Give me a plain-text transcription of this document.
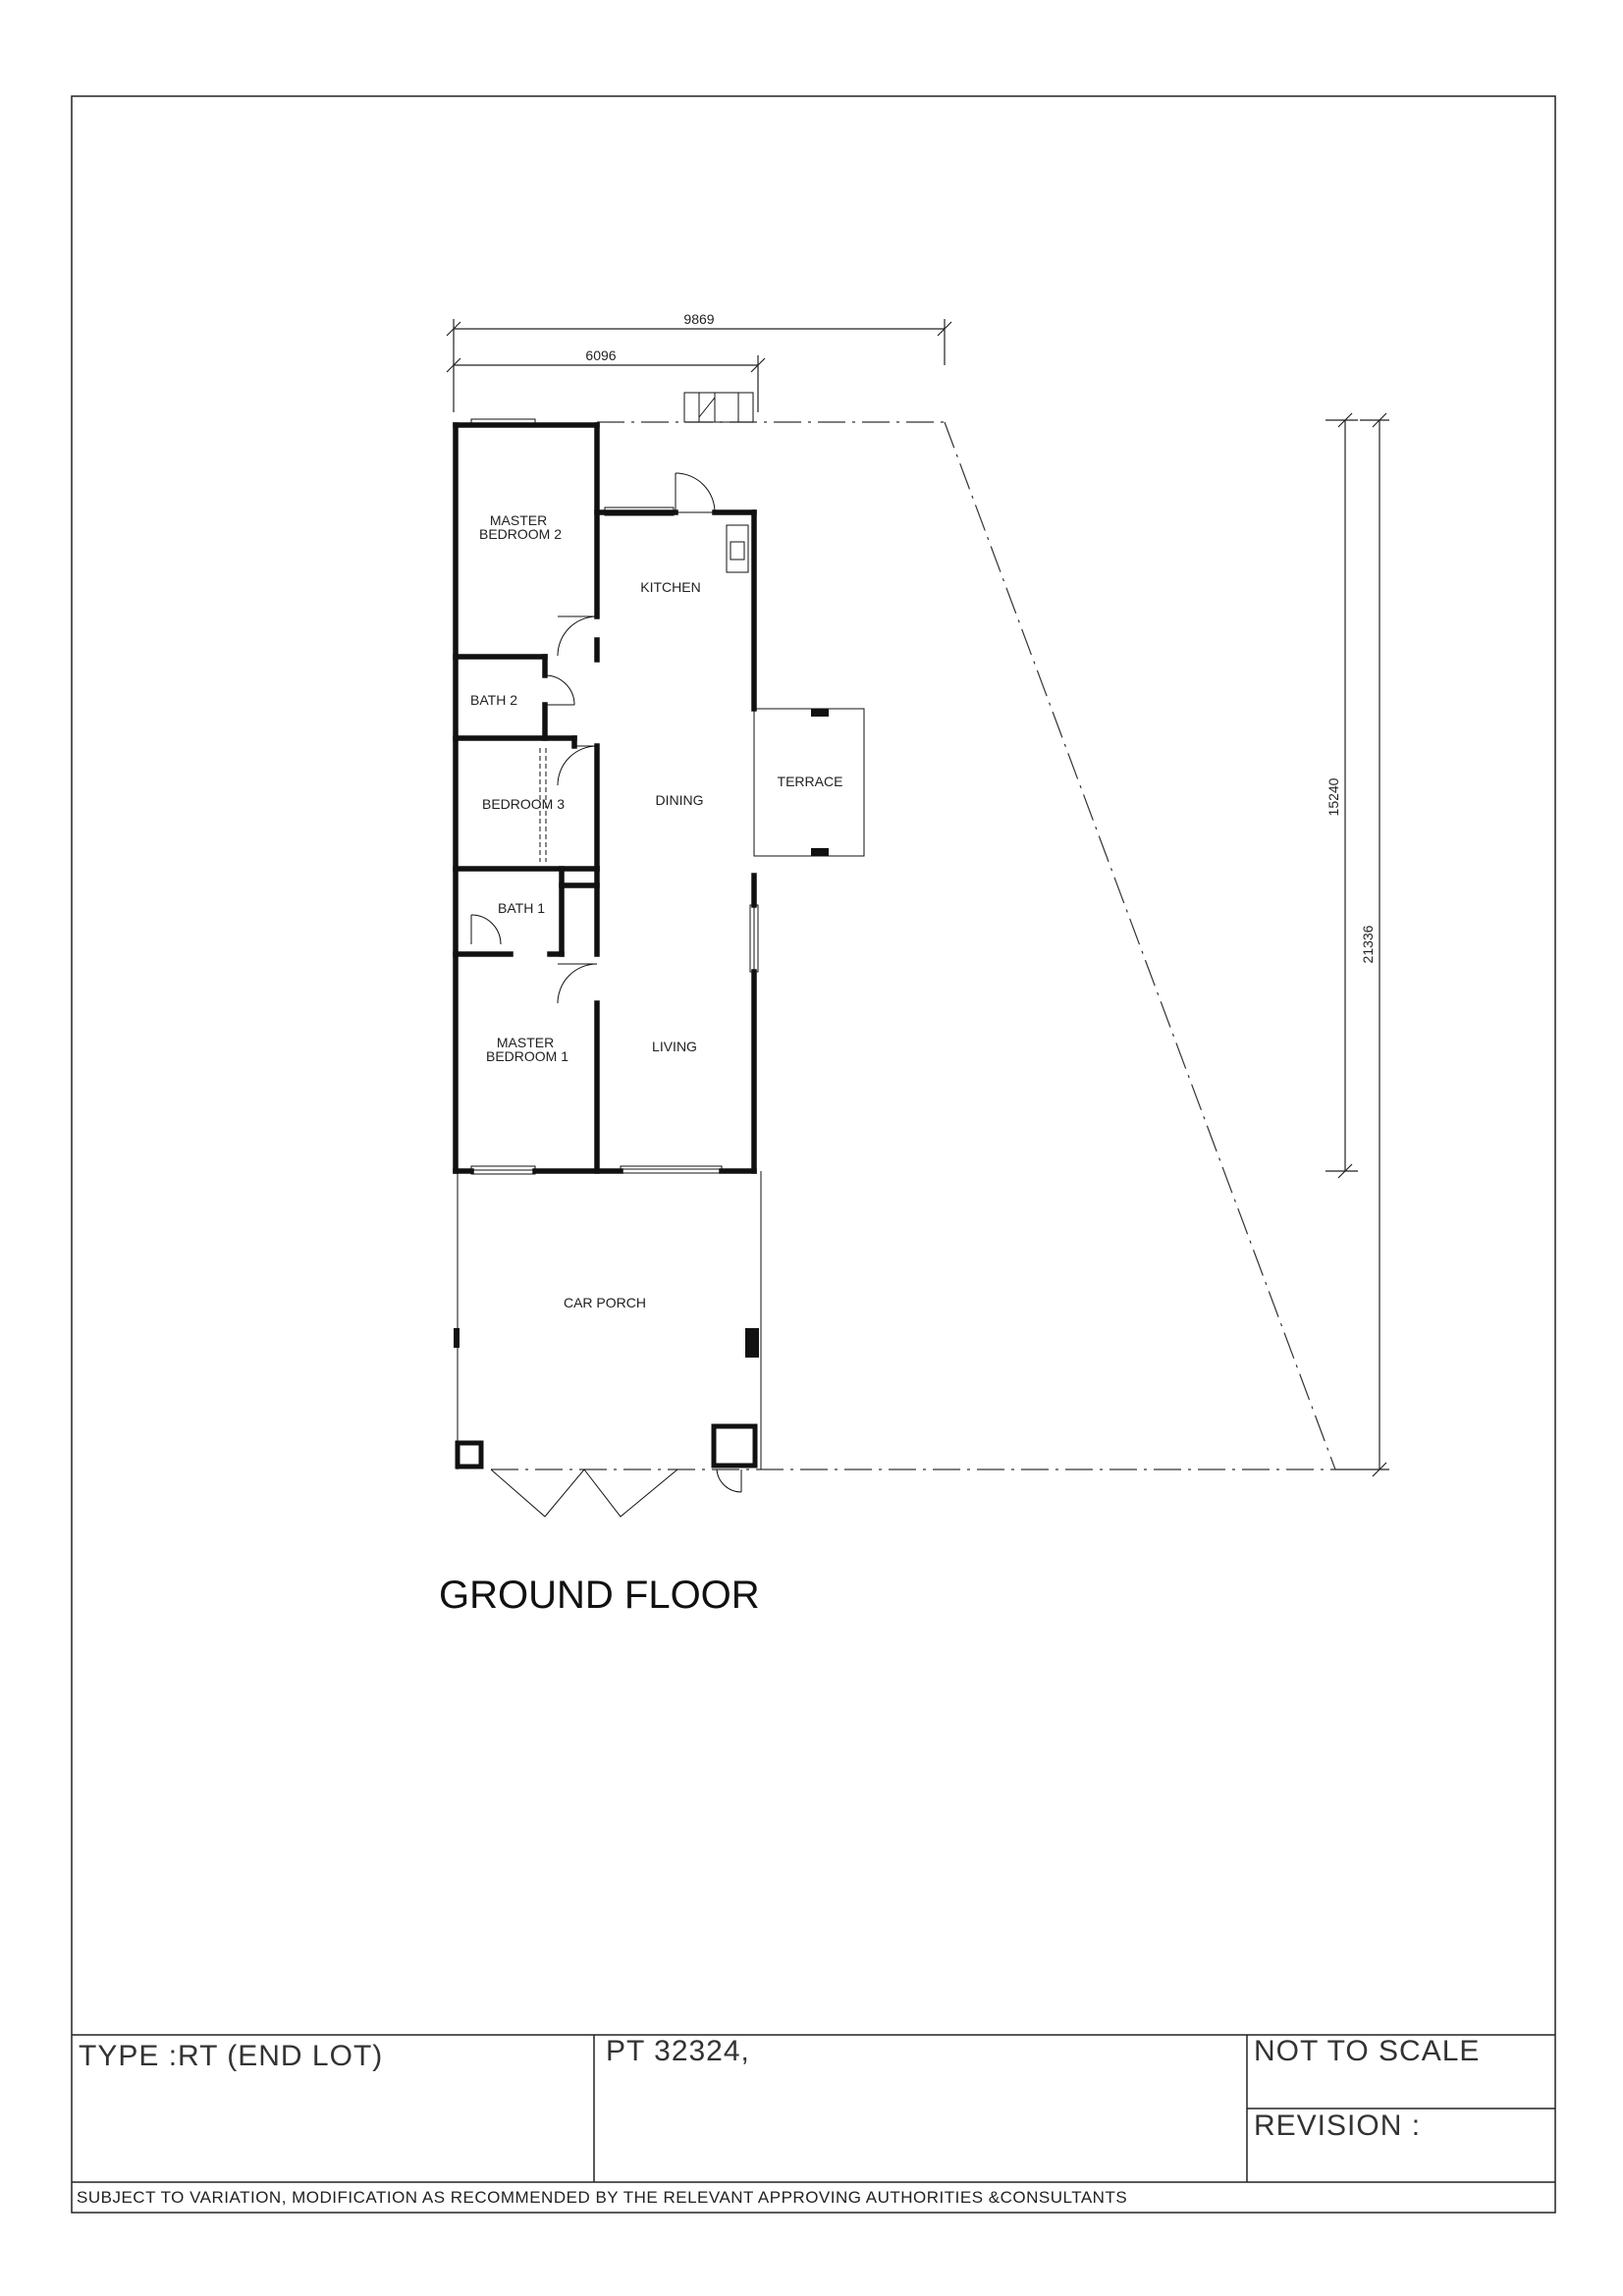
9869
6096
15240
21336
MASTER BEDROOM 2
KITCHEN
BATH 2
BEDROOM 3	DINING
TERRACE
BATH 1
MASTER BEDROOM 1
LIVING
CAR PORCH
GROUND FLOOR
TYPE :RT (END LOT)	PT 32324,	NOT TO SCALE
REVISION :
SUBJECT TO VARIATION, MODIFICATION AS RECOMMENDED BY THE RELEVANT APPROVING AUTHORITIES &CONSULTANTS
